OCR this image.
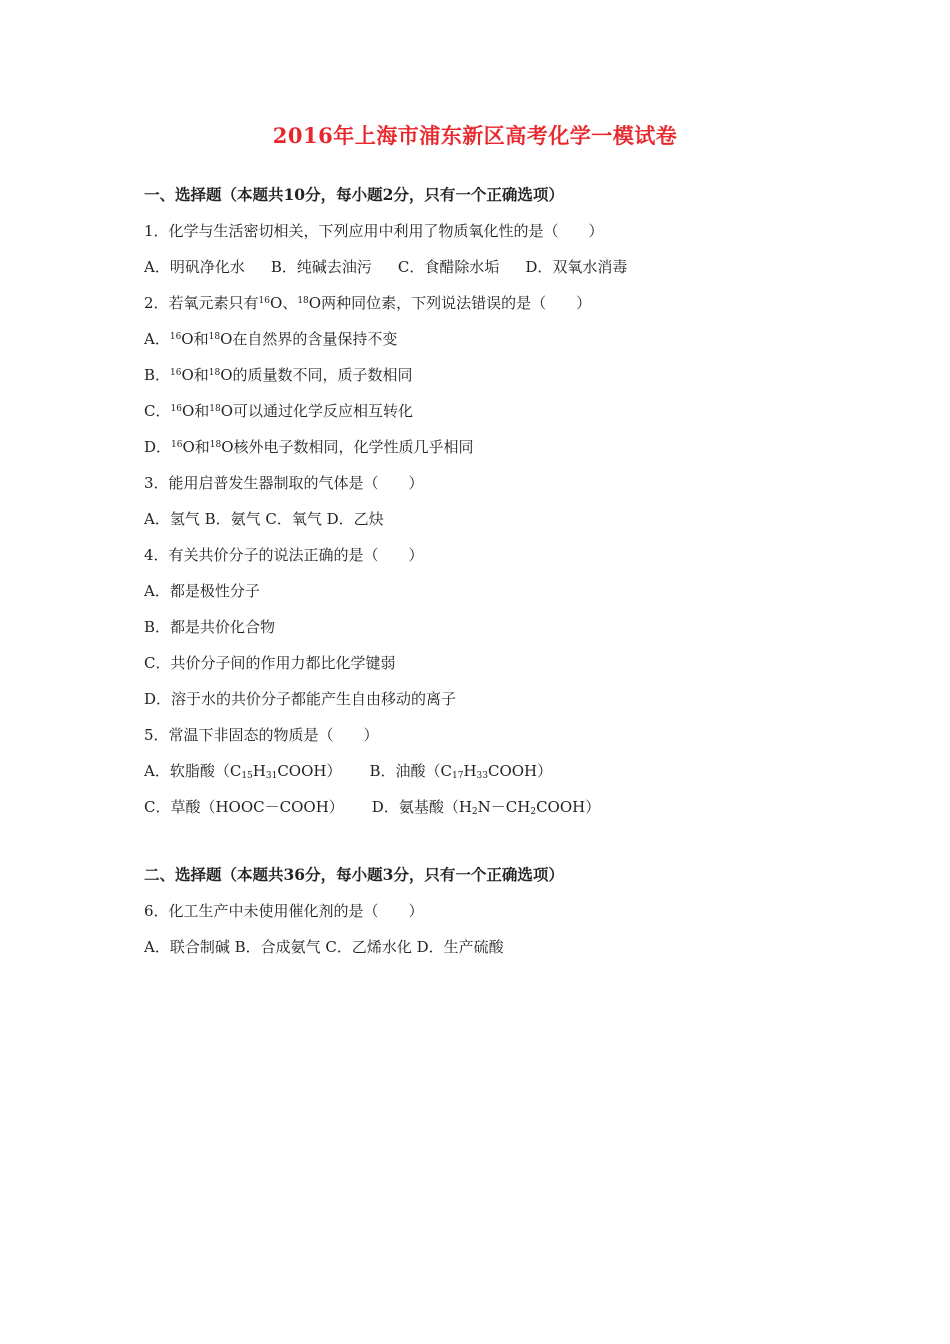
2016年上海市浦东新区高考化学一模试卷
一、选择题（本题共10分，每小题2分，只有一个正确选项）
1．化学与生活密切相关，下列应用中利用了物质氧化性的是（　　）
A．明矾净化水 B．纯碱去油污 C．食醋除水垢 D．双氧水消毒
2．若氧元素只有$^{16}$O、$^{18}$O两种同位素，下列说法错误的是（　　）
A．$^{16}$O和$^{18}$O在自然界的含量保持不变
B．$^{16}$O和$^{18}$O的质量数不同，质子数相同
C．$^{16}$O和$^{18}$O可以通过化学反应相互转化
D．$^{16}$O和$^{18}$O核外电子数相同，化学性质几乎相同
3．能用启普发生器制取的气体是（　　）
A．氢气 B．氨气 C．氧气 D．乙炔
4．有关共价分子的说法正确的是（　　）
A．都是极性分子
B．都是共价化合物
C．共价分子间的作用力都比化学键弱
D．溶于水的共价分子都能产生自由移动的离子
5．常温下非固态的物质是（　　）
A．软脂酸$(C_{15}H_{31}COOH)$ B．油酸$(C_{17}H_{33}COOH)$
C．草酸（HOOC－COOH） D．氨基酸$(H_2N-CH_2COOH)$
二、选择题（本题共36分，每小题3分，只有一个正确选项）
6．化工生产中未使用催化剂的是（　　）
A．联合制碱 B．合成氨气 C．乙烯水化 D．生产硫酸
